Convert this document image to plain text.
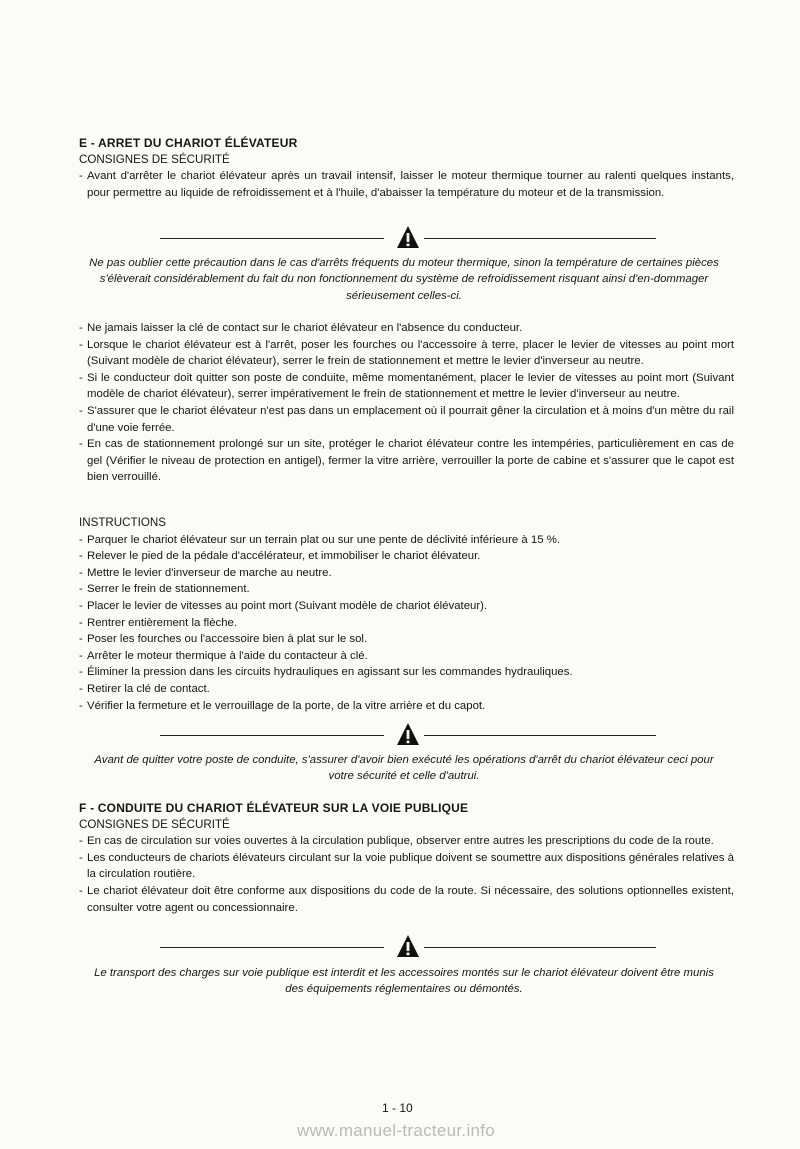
E - ARRET DU CHARIOT ÉLÉVATEUR
CONSIGNES DE SÉCURITÉ
- Avant d'arrêter le chariot élévateur après un travail intensif, laisser le moteur thermique tourner au ralenti quelques instants, pour permettre au liquide de refroidissement et à l'huile, d'abaisser la température du moteur et de la transmission.
Ne pas oublier cette précaution dans le cas d'arrêts fréquents du moteur thermique, sinon la température de certaines pièces s'élèverait considérablement du fait du non fonctionnement du système de refroidissement risquant ainsi d'en-dommager sérieusement celles-ci.
- Ne jamais laisser la clé de contact sur le chariot élévateur en l'absence du conducteur.
- Lorsque le chariot élévateur est à l'arrêt, poser les fourches ou l'accessoire à terre, placer le levier de vitesses au point mort (Suivant modèle de chariot élévateur), serrer le frein de stationnement et mettre le levier d'inverseur au neutre.
- Si le conducteur doit quitter son poste de conduite, même momentanément, placer le levier de vitesses au point mort (Suivant modèle de chariot élévateur), serrer impérativement le frein de stationnement et mettre le levier d'inverseur au neutre.
- S'assurer que le chariot élévateur n'est pas dans un emplacement où il pourrait gêner la circulation et à moins d'un mètre du rail d'une voie ferrée.
- En cas de stationnement prolongé sur un site, protéger le chariot élévateur contre les intempéries, particulièrement en cas de gel (Vérifier le niveau de protection en antigel), fermer la vitre arrière, verrouiller la porte de cabine et s'assurer que le capot est bien verrouillé.
INSTRUCTIONS
- Parquer le chariot élévateur sur un terrain plat ou sur une pente de déclivité inférieure à 15 %.
- Relever le pied de la pédale d'accélérateur, et immobiliser le chariot élévateur.
- Mettre le levier d'inverseur de marche au neutre.
- Serrer le frein de stationnement.
- Placer le levier de vitesses au point mort (Suivant modèle de chariot élévateur).
- Rentrer entièrement la flèche.
- Poser les fourches ou l'accessoire bien à plat sur le sol.
- Arrêter le moteur thermique à l'aide du contacteur à clé.
- Éliminer la pression dans les circuits hydrauliques en agissant sur les commandes hydrauliques.
- Retirer la clé de contact.
- Vérifier la fermeture et le verrouillage de la porte, de la vitre arrière et du capot.
Avant de quitter votre poste de conduite, s'assurer d'avoir bien exécuté les opérations d'arrêt du chariot élévateur ceci pour votre sécurité et celle d'autrui.
F - CONDUITE DU CHARIOT ÉLÉVATEUR SUR LA VOIE PUBLIQUE
CONSIGNES DE SÉCURITÉ
- En cas de circulation sur voies ouvertes à la circulation publique, observer entre autres les prescriptions du code de la route.
- Les conducteurs de chariots élévateurs circulant sur la voie publique doivent se soumettre aux dispositions générales relatives à la circulation routière.
- Le chariot élévateur doit être conforme aux dispositions du code de la route. Si nécessaire, des solutions optionnelles existent, consulter votre agent ou concessionnaire.
Le transport des charges sur voie publique est interdit et les accessoires montés sur le chariot élévateur doivent être munis des équipements réglementaires ou démontés.
1 - 10
www.manuel-tracteur.info
